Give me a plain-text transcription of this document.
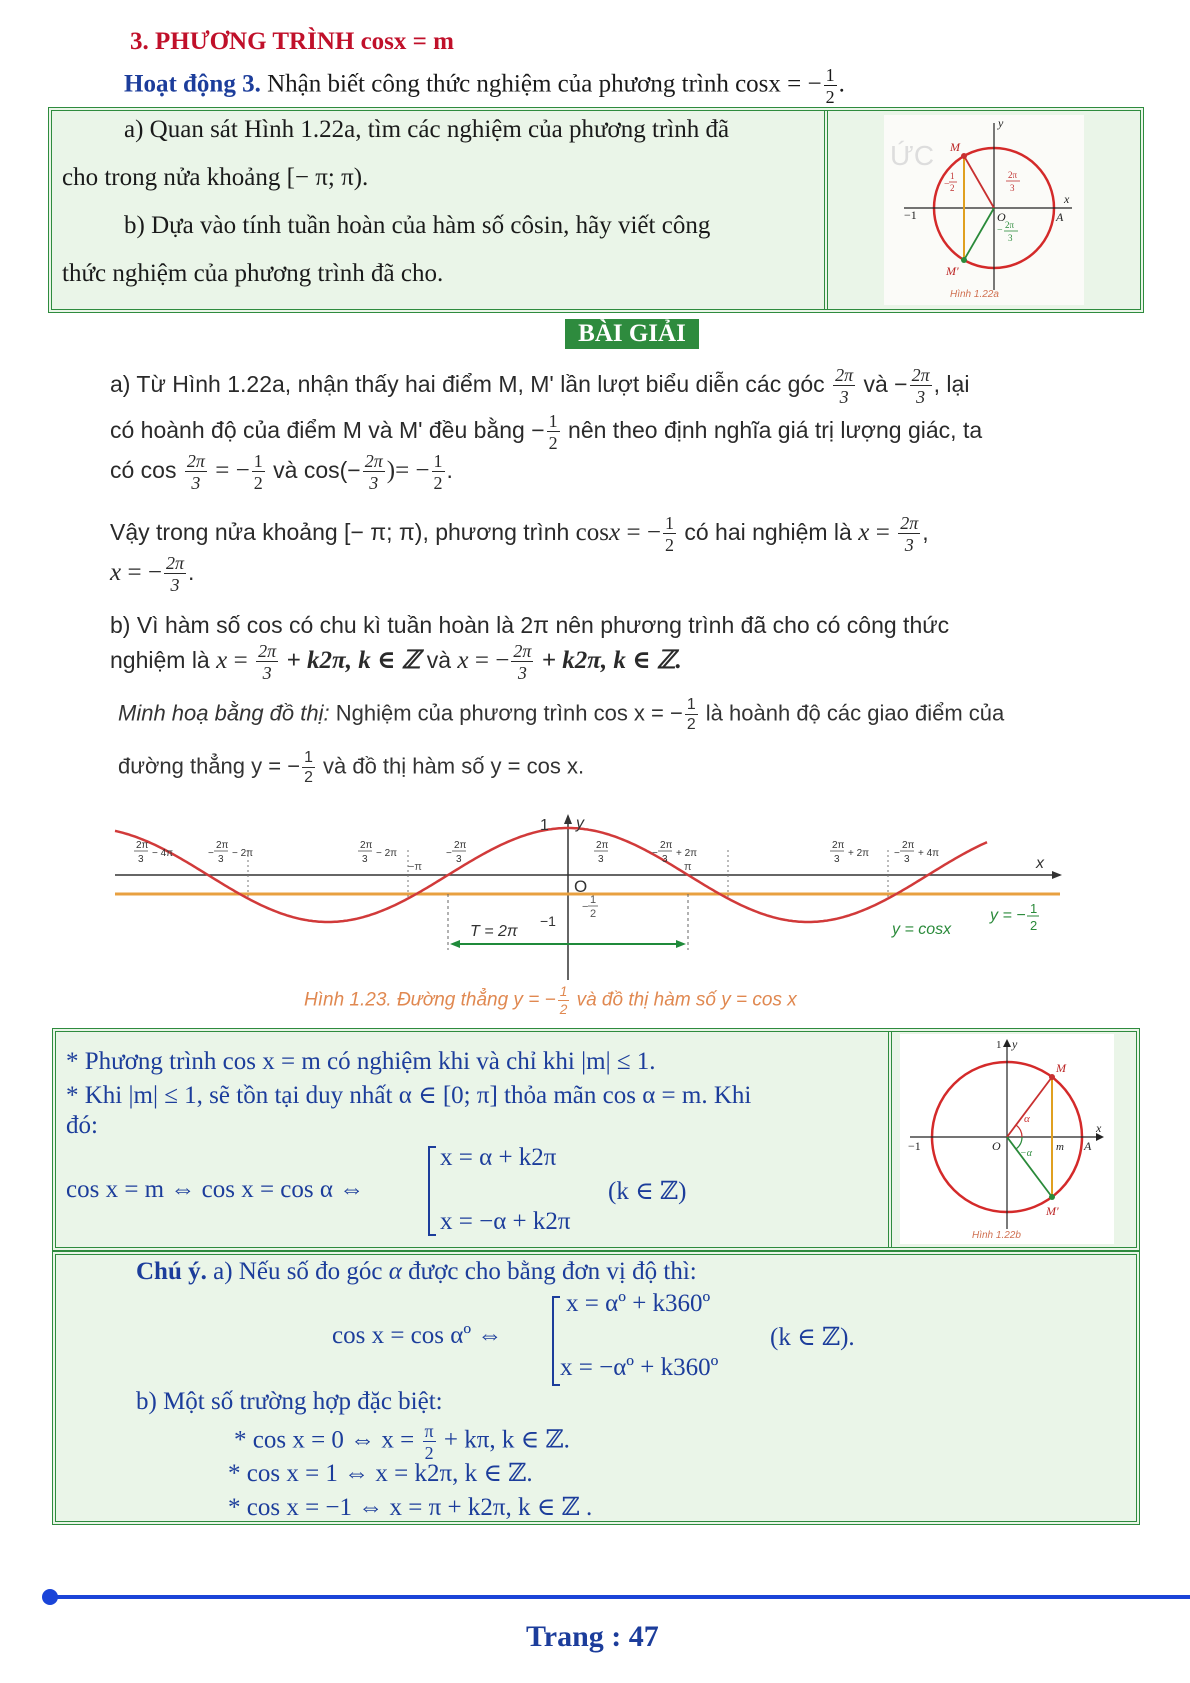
3. PHƯƠNG TRÌNH cosx = m
Hoạt động 3. Nhận biết công thức nghiệm của phương trình cosx = − $\frac{1}{2}$ .
a) Quan sát Hình 1.22a, tìm các nghiệm của phương trình đã
cho trong nửa khoảng [− π; π).
b) Dựa vào tính tuần hoàn của hàm số côsin, hãy viết công
thức nghiệm của phương trình đã cho.
ỨC M
M'
O	A
y
x
−1
−
1
2
2π
3
− 2π
3
Hình 1.22a
BÀI GIẢI
a) Từ Hình 1.22a, nhận thấy hai điểm M, M' lần lượt biểu diễn các góc $\frac{2\pi}{3}$ và − $\frac{2\pi}{3}$ , lại
có hoành độ của điểm M và M' đều bằng − $\frac{1}{2}$ nên theo định nghĩa giá trị lượng giác, ta
có $\cos \frac{2\pi}{3}$ = − $\frac{1}{2}$ và $\cos(- \frac{2\pi}{3}$ )= − $\frac{1}{2}$ .
Vậy trong nửa khoảng [− π; π), phương trình cosx = − $\frac{1}{2}$ có hai nghiệm là $x = \frac{2\pi}{3}$ ,
x = − $\frac{2\pi}{3}$ .
b) Vì hàm số cos có chu kì tuần hoàn là 2π nên phương trình đã cho có công thức
nghiệm là $x = \frac{2\pi}{3} + k2\pi$, k ∈ ℤ và x = − $\frac{2\pi}{3} + k2\pi$, k ∈ ℤ.
Minh hoạ bằng đồ thị: Nghiệm của phương trình cos x = − $\frac{1}{2}$ là hoành độ các giao điểm của
đường thẳng y = − $\frac{1}{2}$ và đồ thị hàm số y = cos x.
T = 2π
1 y
O
x
−1
−π	π
−
1
2
y = cosx
y = − 1
2
2π
3
− 4π	−
2π
3
− 2π
2π
3
− 2π	−
2π
3
2π
3
−
2π
3
+ 2π
2π
3
+ 2π −
2π
3
+ 4π
Hình 1.23. Đường thẳng y = − $\frac{1}{2}$ và đồ thị hàm số y = cos x
* Phương trình cos x = m có nghiệm khi và chỉ khi |m| ≤ 1.
* Khi |m| ≤ 1, sẽ tồn tại duy nhất α ∈ [0; π] thỏa mãn cos α = m. Khi
đó:
cos x = m ⇔ cos x = cos α ⇔
x = α + k2π
(k ∈ ℤ)
x = −α + k2π
M
M'
O	A
m
α
−α
y
1
x
−1
Hình 1.22b
Chú ý. a) Nếu số đo góc α được cho bằng đơn vị độ thì:
cos x = cos αº ⇔
x = αº + k360º
(k ∈ ℤ).
x = −αº + k360º
b) Một số trường hợp đặc biệt:
* cos x = 0 ⇔ $x = \frac{\pi}{2} + k\pi$, k ∈ ℤ.
* cos x = 1 ⇔ x = k2π, k ∈ ℤ.
* cos x = −1 ⇔ x = π + k2π, k ∈ ℤ .
Trang : 47
